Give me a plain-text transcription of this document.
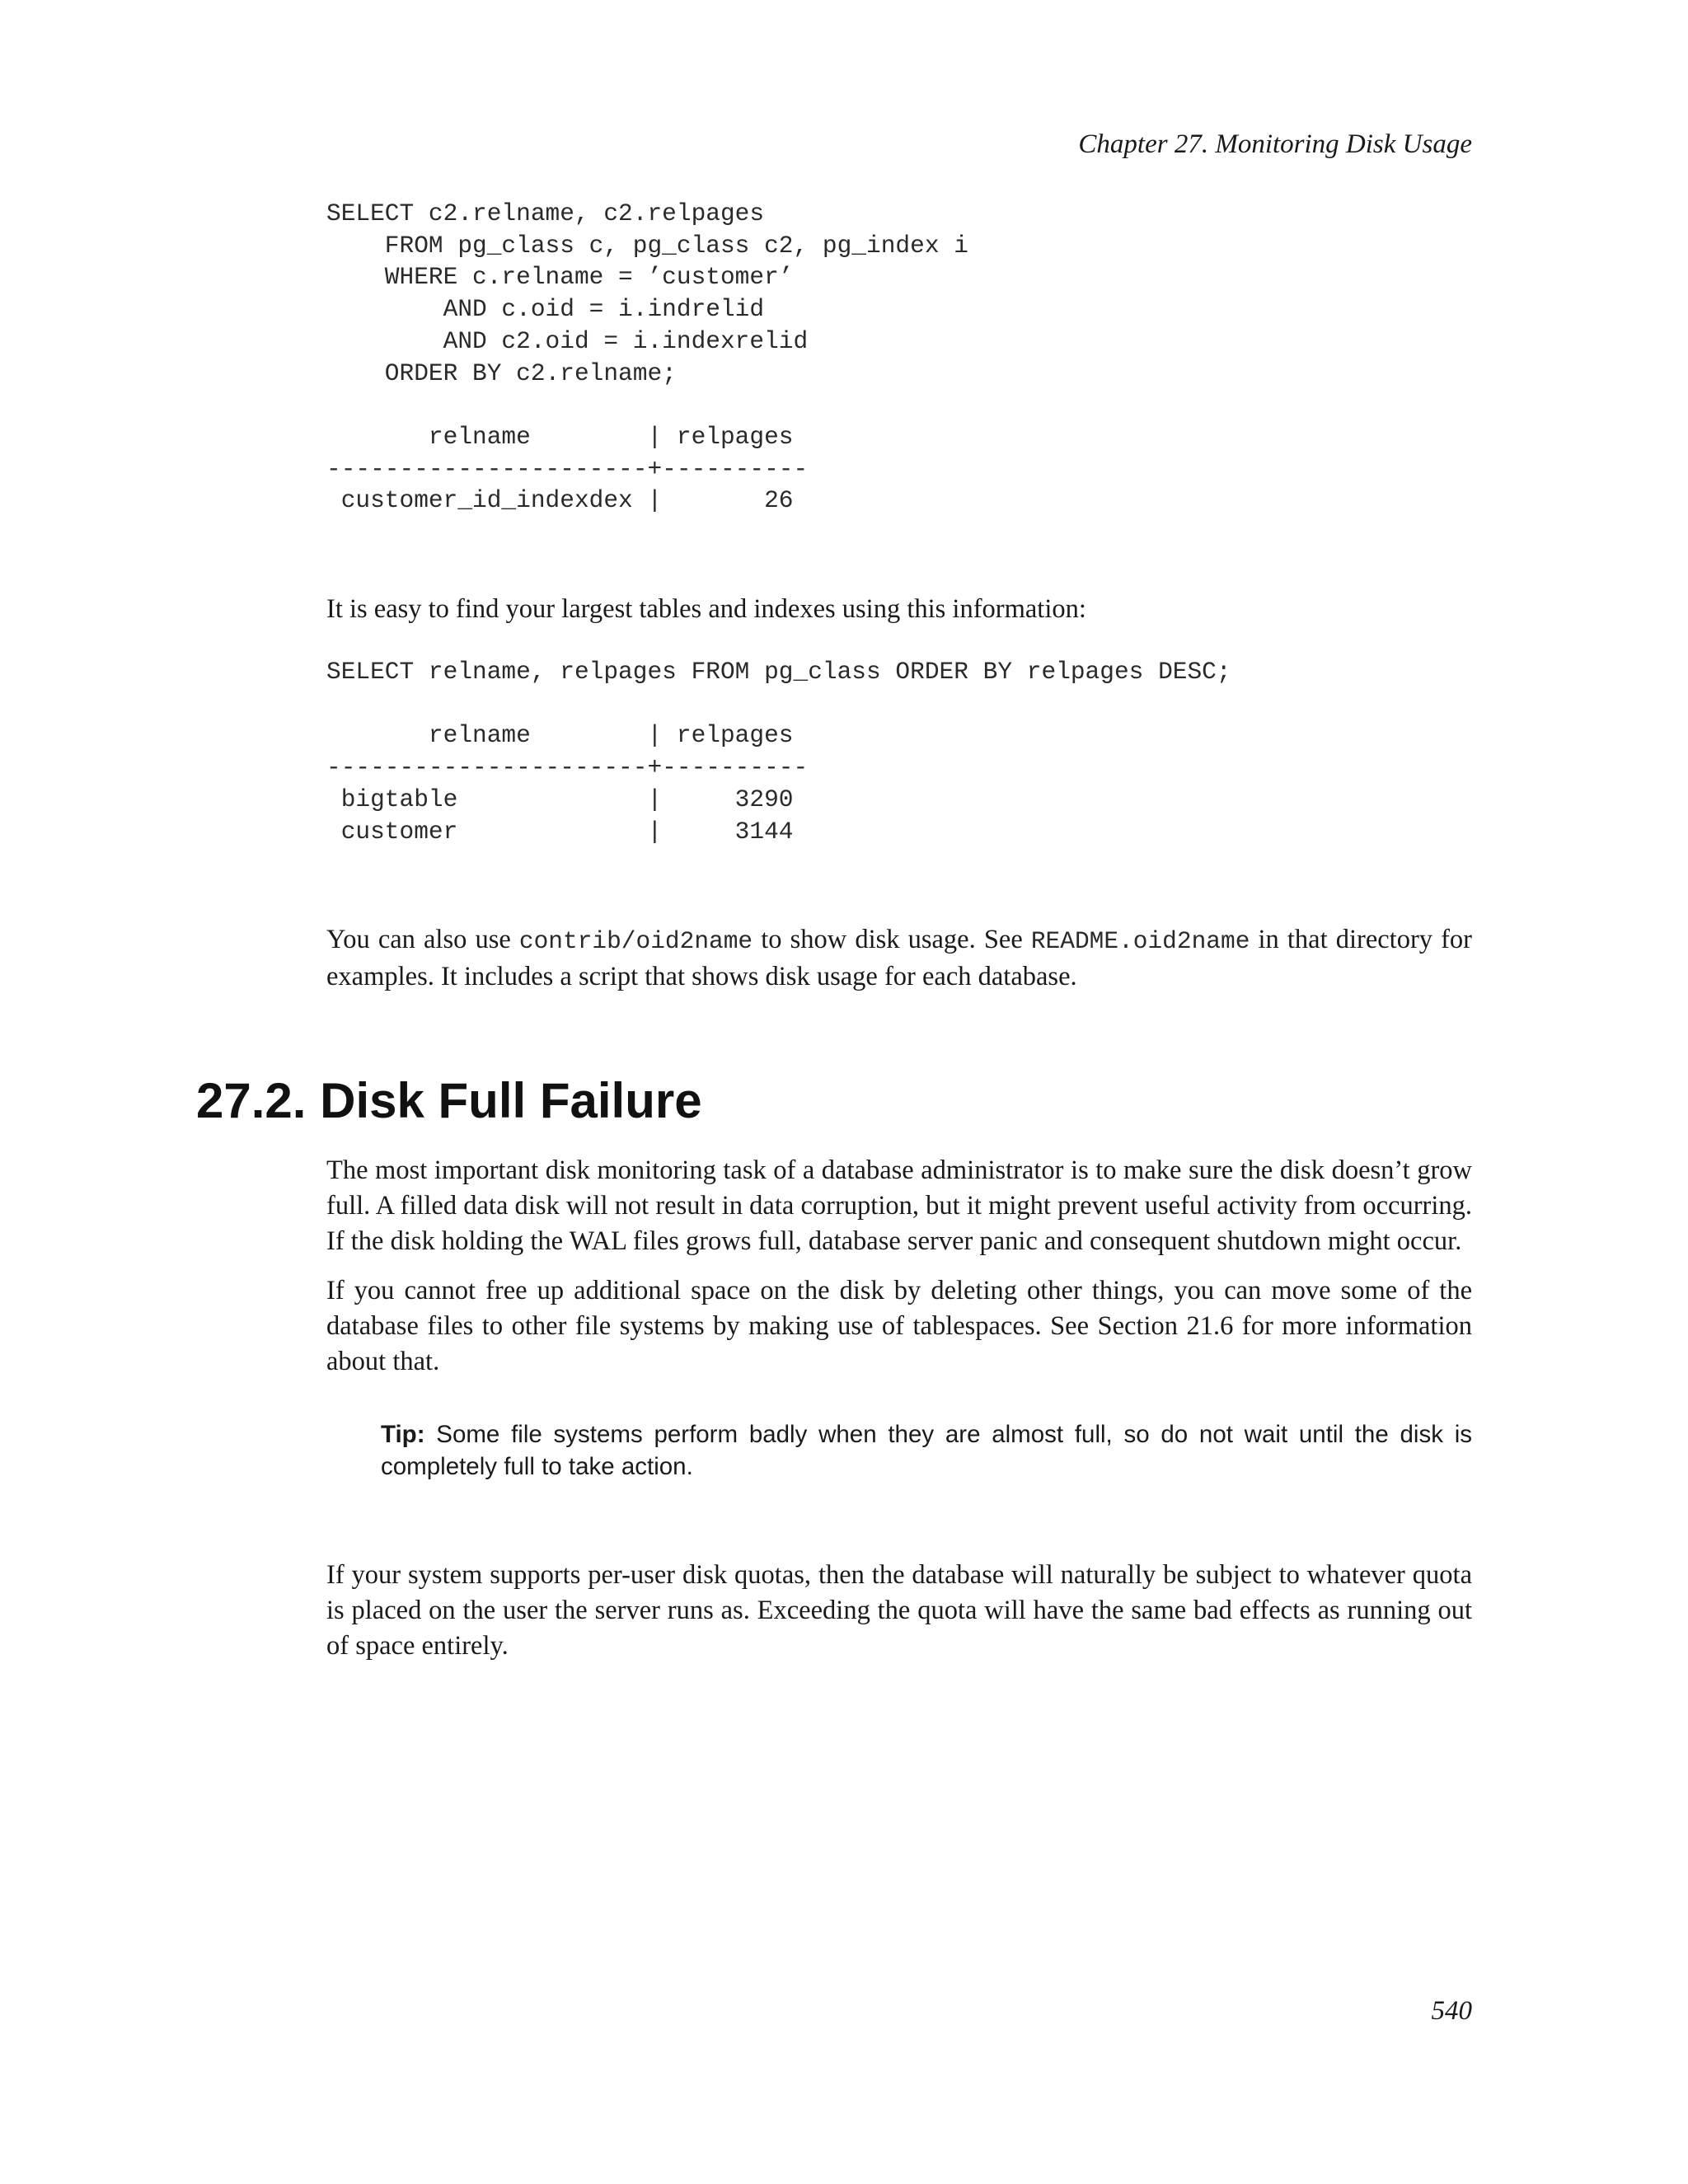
Chapter 27. Monitoring Disk Usage
SELECT c2.relname, c2.relpages
FROM pg_class c, pg_class c2, pg_index i
WHERE c.relname = ’customer’
AND c.oid = i.indrelid
AND c2.oid = i.indexrelid
ORDER BY c2.relname;

relname        | relpages
----------------------+----------
customer_id_indexdex |       26

It is easy to find your largest tables and indexes using this information:

SELECT relname, relpages FROM pg_class ORDER BY relpages DESC;

relname        | relpages
----------------------+----------
bigtable             |     3290
customer             |     3144

You can also use contrib/oid2name to show disk usage. See README.oid2name in that directory for examples. It includes a script that shows disk usage for each database.

27.2. Disk Full Failure

The most important disk monitoring task of a database administrator is to make sure the disk doesn’t grow full. A filled data disk will not result in data corruption, but it might prevent useful activity from occurring. If the disk holding the WAL files grows full, database server panic and consequent shutdown might occur.

If you cannot free up additional space on the disk by deleting other things, you can move some of the database files to other file systems by making use of tablespaces. See Section 21.6 for more information about that.

Tip: Some file systems perform badly when they are almost full, so do not wait until the disk is completely full to take action.

If your system supports per-user disk quotas, then the database will naturally be subject to whatever quota is placed on the user the server runs as. Exceeding the quota will have the same bad effects as running out of space entirely.

540
